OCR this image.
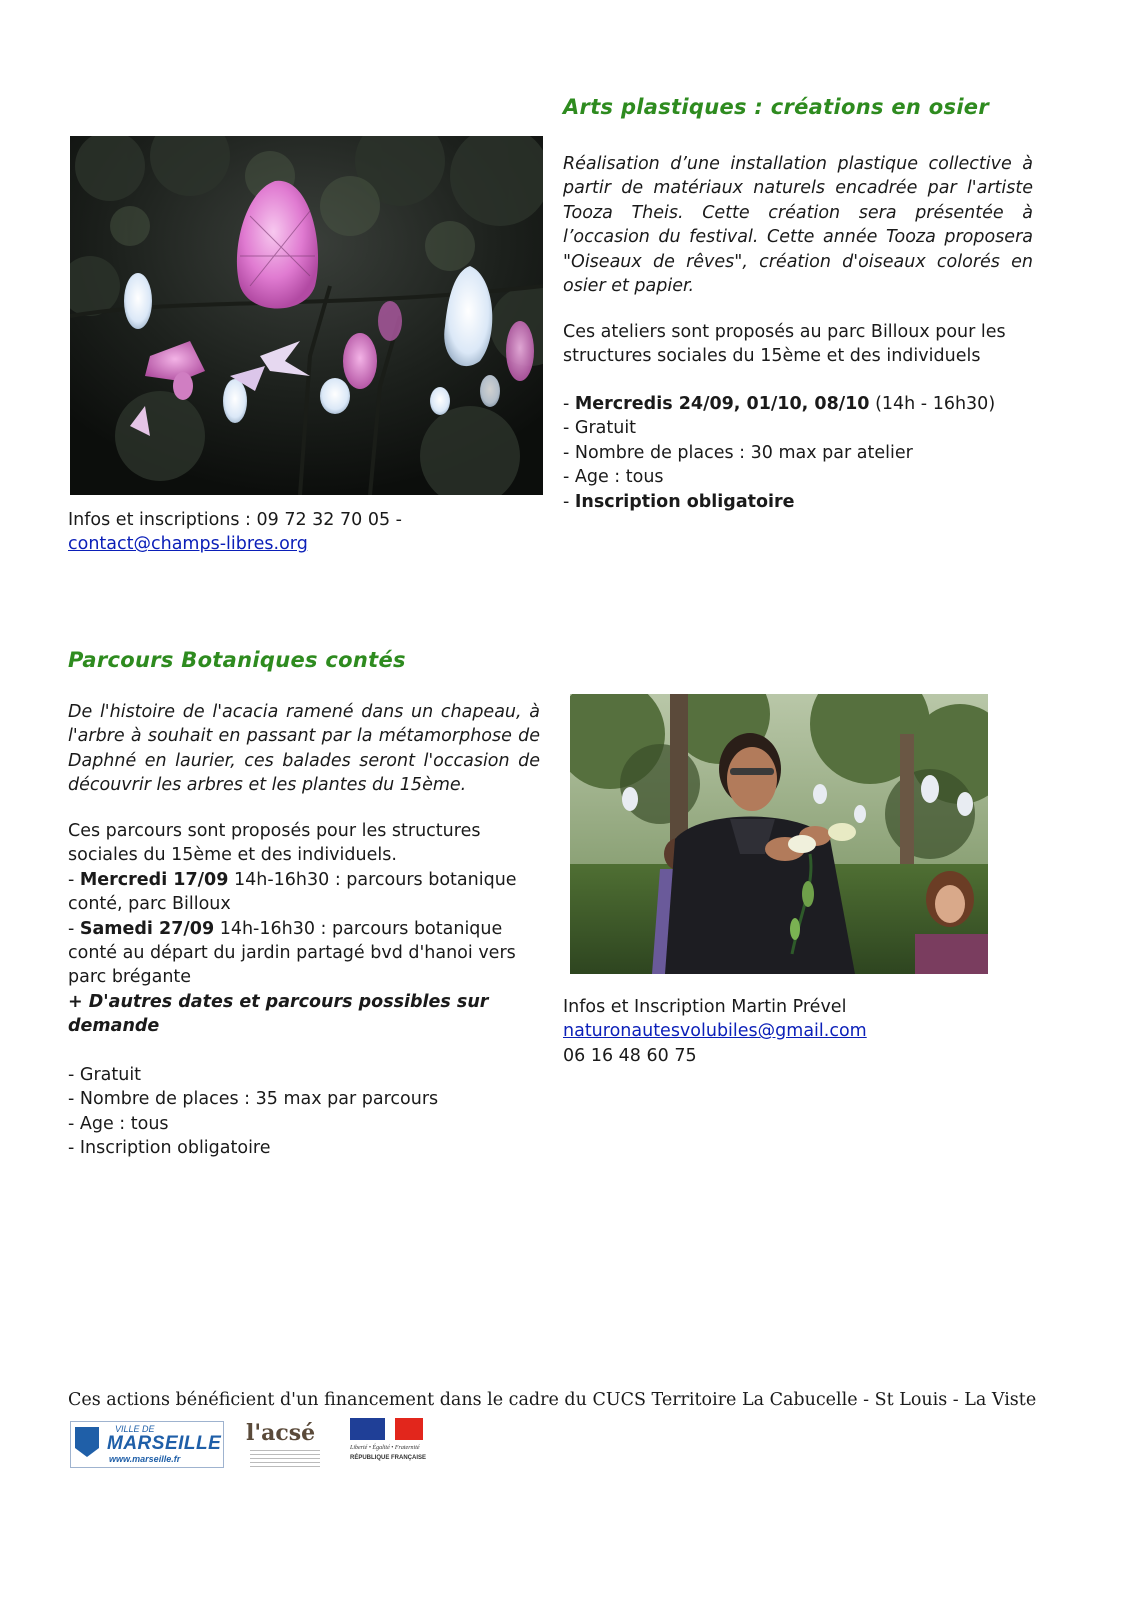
Arts plastiques : créations en osier
Réalisation d’une installation plastique collective à partir de matériaux naturels encadrée par l'artiste Tooza Theis. Cette création sera présentée à l’occasion du festival. Cette année Tooza proposera "Oiseaux de rêves", création d'oiseaux colorés en osier et papier.
Ces ateliers sont proposés au parc Billoux pour les structures sociales du 15ème et des individuels
- Mercredis 24/09, 01/10, 08/10 (14h - 16h30)
- Gratuit
- Nombre de places : 30 max par atelier
- Age : tous
- Inscription obligatoire
Infos et inscriptions : 09 72 32 70 05 -
contact@champs-libres.org
Parcours Botaniques contés
De l'histoire de l'acacia ramené dans un chapeau, à l'arbre à souhait en passant par la métamorphose de Daphné en laurier, ces balades seront l'occasion de découvrir les arbres et les plantes du 15ème.
Ces parcours sont proposés pour les structures
sociales du 15ème et des individuels.
- Mercredi 17/09 14h-16h30 : parcours botanique
conté, parc Billoux
- Samedi 27/09 14h-16h30 : parcours botanique
conté au départ du jardin partagé bvd d'hanoi vers
parc brégante
+ D'autres dates et parcours possibles sur
demande

- Gratuit
- Nombre de places : 35 max par parcours
- Age : tous
- Inscription obligatoire
Infos et Inscription Martin Prével
naturonautesvolubiles@gmail.com
06 16 48 60 75
Ces actions bénéficient d'un financement dans le cadre du CUCS Territoire La Cabucelle - St Louis - La Viste
VILLE DE
MARSEILLE
www.marseille.fr
l'acsé
Liberté • Égalité • Fraternité
RÉPUBLIQUE FRANÇAISE
